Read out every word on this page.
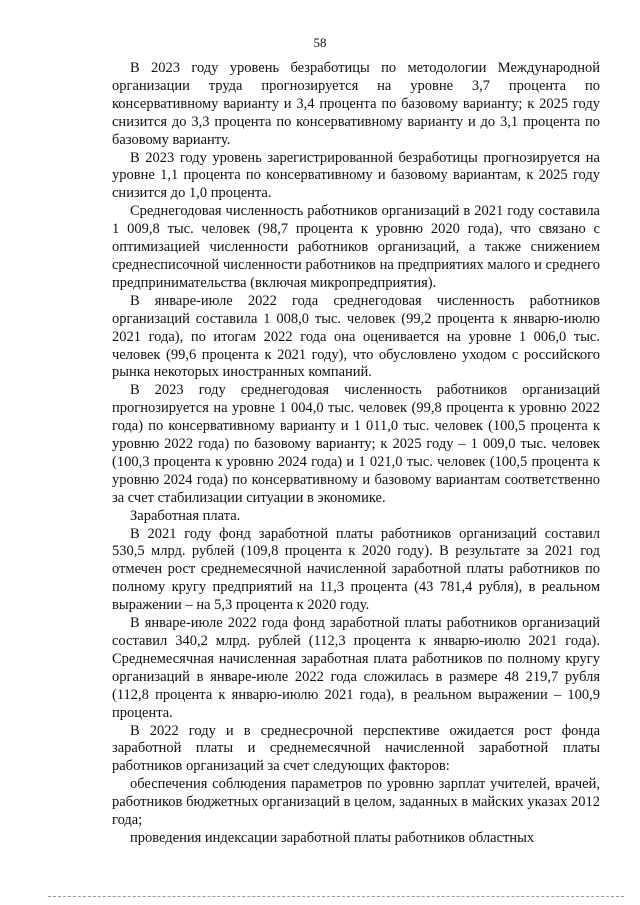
58

В 2023 году уровень безработицы по методологии Международной организации труда прогнозируется на уровне 3,7 процента по консервативному варианту и 3,4 процента по базовому варианту; к 2025 году снизится до 3,3 процента по консервативному варианту и до 3,1 процента по базовому варианту.

В 2023 году уровень зарегистрированной безработицы прогнозируется на уровне 1,1 процента по консервативному и базовому вариантам, к 2025 году снизится до 1,0 процента.

Среднегодовая численность работников организаций в 2021 году составила 1 009,8 тыс. человек (98,7 процента к уровню 2020 года), что связано с оптимизацией численности работников организаций, а также снижением среднесписочной численности работников на предприятиях малого и среднего предпринимательства (включая микропредприятия).

В январе-июле 2022 года среднегодовая численность работников организаций составила 1 008,0 тыс. человек (99,2 процента к январю-июлю 2021 года), по итогам 2022 года она оценивается на уровне 1 006,0 тыс. человек (99,6 процента к 2021 году), что обусловлено уходом с российского рынка некоторых иностранных компаний.

В 2023 году среднегодовая численность работников организаций прогнозируется на уровне 1 004,0 тыс. человек (99,8 процента к уровню 2022 года) по консервативному варианту и 1 011,0 тыс. человек (100,5 процента к уровню 2022 года) по базовому варианту; к 2025 году – 1 009,0 тыс. человек (100,3 процента к уровню 2024 года) и 1 021,0 тыс. человек (100,5 процента к уровню 2024 года) по консервативному и базовому вариантам соответственно за счет стабилизации ситуации в экономике.

Заработная плата.

В 2021 году фонд заработной платы работников организаций составил 530,5 млрд. рублей (109,8 процента к 2020 году). В результате за 2021 год отмечен рост среднемесячной начисленной заработной платы работников по полному кругу предприятий на 11,3 процента (43 781,4 рубля), в реальном выражении – на 5,3 процента к 2020 году.

В январе-июле 2022 года фонд заработной платы работников организаций составил 340,2 млрд. рублей (112,3 процента к январю-июлю 2021 года). Среднемесячная начисленная заработная плата работников по полному кругу организаций в январе-июле 2022 года сложилась в размере 48 219,7 рубля (112,8 процента к январю-июлю 2021 года), в реальном выражении – 100,9 процента.

В 2022 году и в среднесрочной перспективе ожидается рост фонда заработной платы и среднемесячной начисленной заработной платы работников организаций за счет следующих факторов:

обеспечения соблюдения параметров по уровню зарплат учителей, врачей, работников бюджетных организаций в целом, заданных в майских указах 2012 года;

проведения индексации заработной платы работников областных
